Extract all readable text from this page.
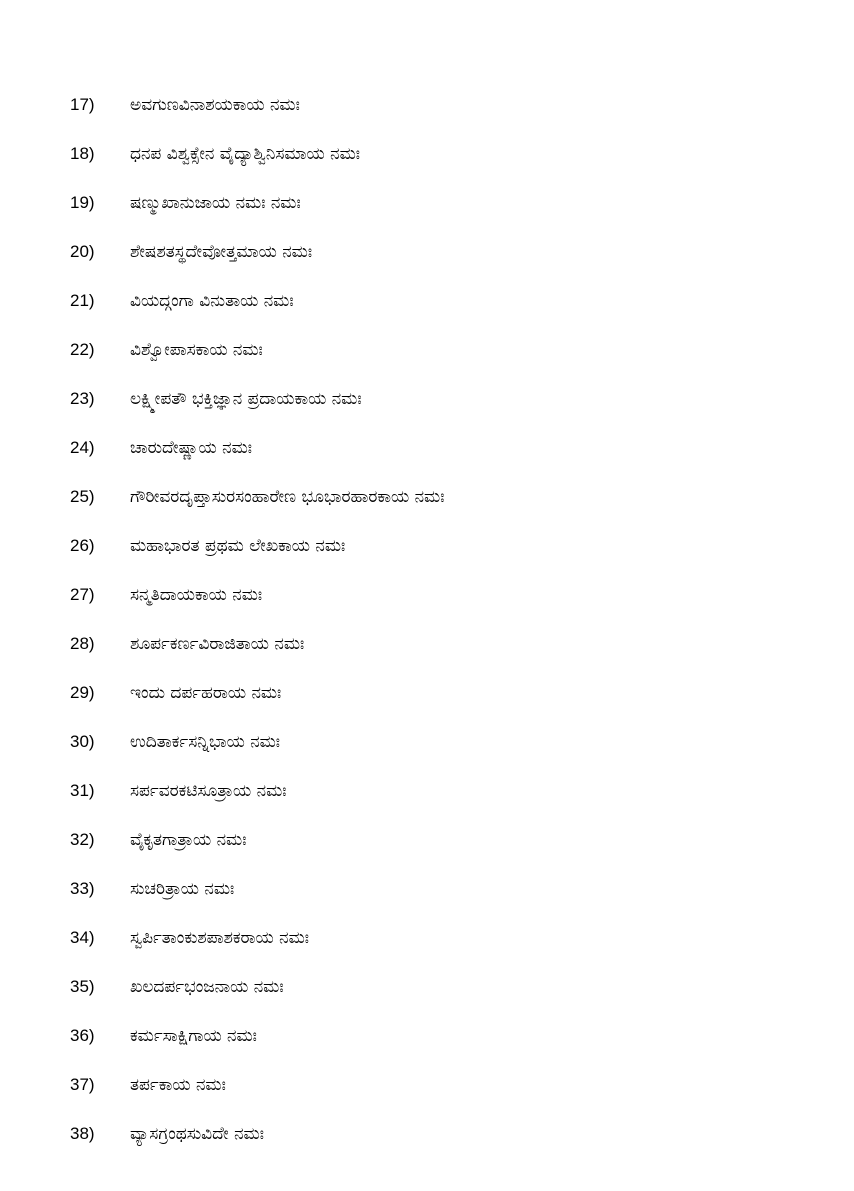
17)	ಅವಗುಣವಿನಾಶಯಕಾಯ ನಮಃ
18)	ಧನಪ ವಿಶ್ವಕ್ಸೇನ ವೈದ್ಯಾಶ್ವಿನಿಸಮಾಯ ನಮಃ
19)	ಷಣ್ಮುಖಾನುಜಾಯ ನಮಃ ನಮಃ
20)	ಶೇಷಶತಸ್ಥದೇವೋತ್ತಮಾಯ ನಮಃ
21)	ವಿಯದ್ಗಂಗಾ ವಿನುತಾಯ ನಮಃ
22)	ವಿಶ್ವೋಪಾಸಕಾಯ ನಮಃ
23)	ಲಕ್ಷ್ಮೀಪತೌ ಭಕ್ತಿಜ್ಞಾನ ಪ್ರದಾಯಕಾಯ ನಮಃ
24)	ಚಾರುದೇಷ್ಣಾಯ ನಮಃ
25)	ಗೌರೀವರದೃಪ್ತಾಸುರಸಂಹಾರೇಣ ಭೂಭಾರಹಾರಕಾಯ ನಮಃ
26)	ಮಹಾಭಾರತ ಪ್ರಥಮ ಲೇಖಕಾಯ ನಮಃ
27)	ಸನ್ಮತಿದಾಯಕಾಯ ನಮಃ
28)	ಶೂರ್ಪಕರ್ಣವಿರಾಜಿತಾಯ ನಮಃ
29)	ಇಂದು ದರ್ಪಹರಾಯ ನಮಃ
30)	ಉದಿತಾರ್ಕಸನ್ನಿಭಾಯ ನಮಃ
31)	ಸರ್ಪವರಕಟಿಸೂತ್ರಾಯ ನಮಃ
32)	ವೈಕೃತಗಾತ್ರಾಯ ನಮಃ
33)	ಸುಚರಿತ್ರಾಯ ನಮಃ
34)	ಸ್ವರ್ಪಿತಾಂಕುಶಪಾಶಕರಾಯ ನಮಃ
35)	ಖಲದರ್ಪಭಂಜನಾಯ ನಮಃ
36)	ಕರ್ಮಸಾಕ್ಷಿಗಾಯ ನಮಃ
37)	ತರ್ಪಕಾಯ ನಮಃ
38)	ವ್ಯಾಸಗ್ರಂಥಸುವಿದೇ ನಮಃ
